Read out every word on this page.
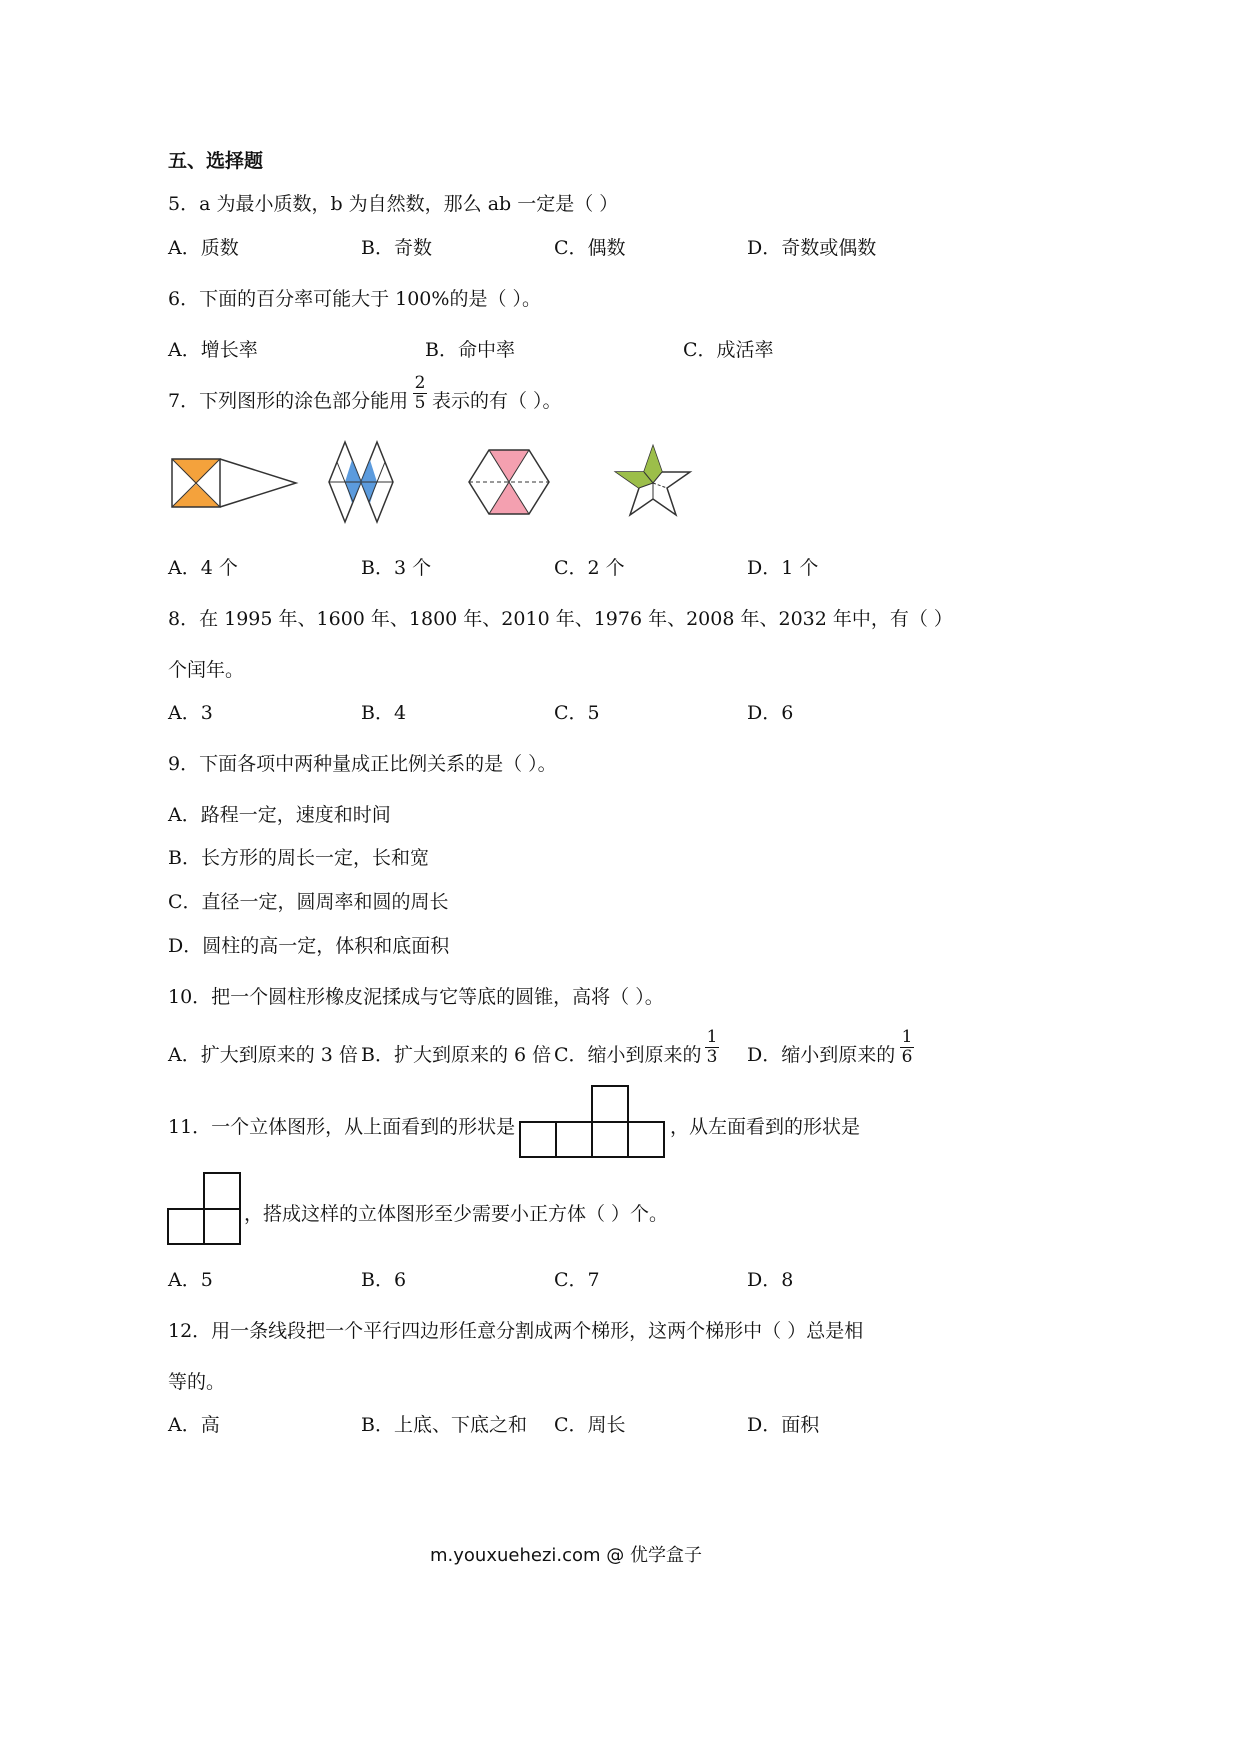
五、选择题
5．a 为最小质数，b 为自然数，那么 ab 一定是（ ）
A．质数	B．奇数	C．偶数	D．奇数或偶数
6．下面的百分率可能大于 100%的是（ ）。
A．增长率	B．命中率	C．成活率
7．下列图形的涂色部分能用 $\frac{2}{5}$ 表示的有（ ）。
A．4 个	B．3 个	C．2 个	D．1 个
8．在 1995 年、1600 年、1800 年、2010 年、1976 年、2008 年、2032 年中，有（ ）
个闰年。
A．3	B．4	C．5	D．6
9．下面各项中两种量成正比例关系的是（ ）。
A．路程一定，速度和时间
B．长方形的周长一定，长和宽
C．直径一定，圆周率和圆的周长
D．圆柱的高一定，体积和底面积
10．把一个圆柱形橡皮泥揉成与它等底的圆锥，高将（ ）。
A．扩大到原来的 3 倍 B．扩大到原来的 6 倍 C．缩小到原来的 $\frac{1}{3}$ D．缩小到原来的 $\frac{1}{6}$
11．一个立体图形，从上面看到的形状是	，从左面看到的形状是
，搭成这样的立体图形至少需要小正方体（ ）个。
A．5	B．6	C．7	D．8
12．用一条线段把一个平行四边形任意分割成两个梯形，这两个梯形中（ ）总是相
等的。
A．高	B．上底、下底之和 C．周长	D．面积
m.youxuehezi.com @ 优学盒子
